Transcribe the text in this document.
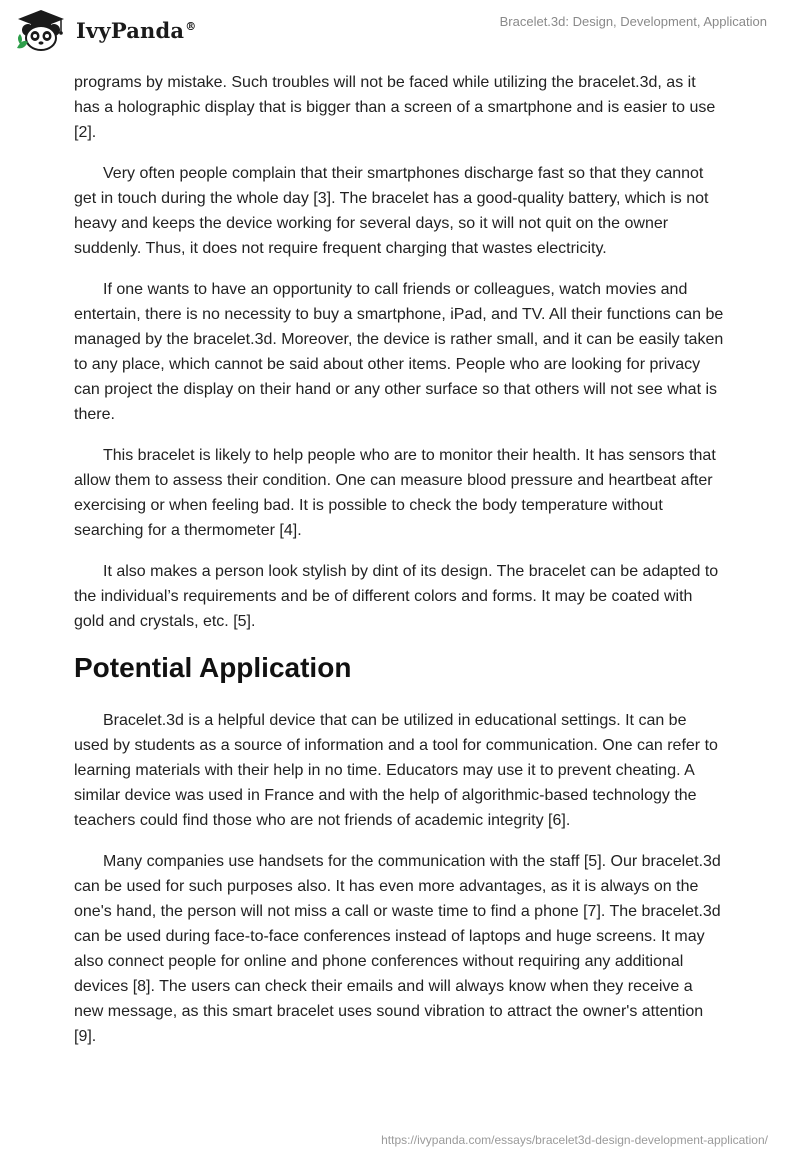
IvyPanda®	Bracelet.3d: Design, Development, Application

programs by mistake. Such troubles will not be faced while utilizing the bracelet.3d, as it has a holographic display that is bigger than a screen of a smartphone and is easier to use [2].

Very often people complain that their smartphones discharge fast so that they cannot get in touch during the whole day [3]. The bracelet has a good-quality battery, which is not heavy and keeps the device working for several days, so it will not quit on the owner suddenly. Thus, it does not require frequent charging that wastes electricity.

If one wants to have an opportunity to call friends or colleagues, watch movies and entertain, there is no necessity to buy a smartphone, iPad, and TV. All their functions can be managed by the bracelet.3d. Moreover, the device is rather small, and it can be easily taken to any place, which cannot be said about other items. People who are looking for privacy can project the display on their hand or any other surface so that others will not see what is there.

This bracelet is likely to help people who are to monitor their health. It has sensors that allow them to assess their condition. One can measure blood pressure and heartbeat after exercising or when feeling bad. It is possible to check the body temperature without searching for a thermometer [4].

It also makes a person look stylish by dint of its design. The bracelet can be adapted to the individual’s requirements and be of different colors and forms. It may be coated with gold and crystals, etc. [5].

Potential Application

Bracelet.3d is a helpful device that can be utilized in educational settings. It can be used by students as a source of information and a tool for communication. One can refer to learning materials with their help in no time. Educators may use it to prevent cheating. A similar device was used in France and with the help of algorithmic-based technology the teachers could find those who are not friends of academic integrity [6].

Many companies use handsets for the communication with the staff [5]. Our bracelet.3d can be used for such purposes also. It has even more advantages, as it is always on the one's hand, the person will not miss a call or waste time to find a phone [7]. The bracelet.3d can be used during face-to-face conferences instead of laptops and huge screens. It may also connect people for online and phone conferences without requiring any additional devices [8]. The users can check their emails and will always know when they receive a new message, as this smart bracelet uses sound vibration to attract the owner's attention [9].

https://ivypanda.com/essays/bracelet3d-design-development-application/
